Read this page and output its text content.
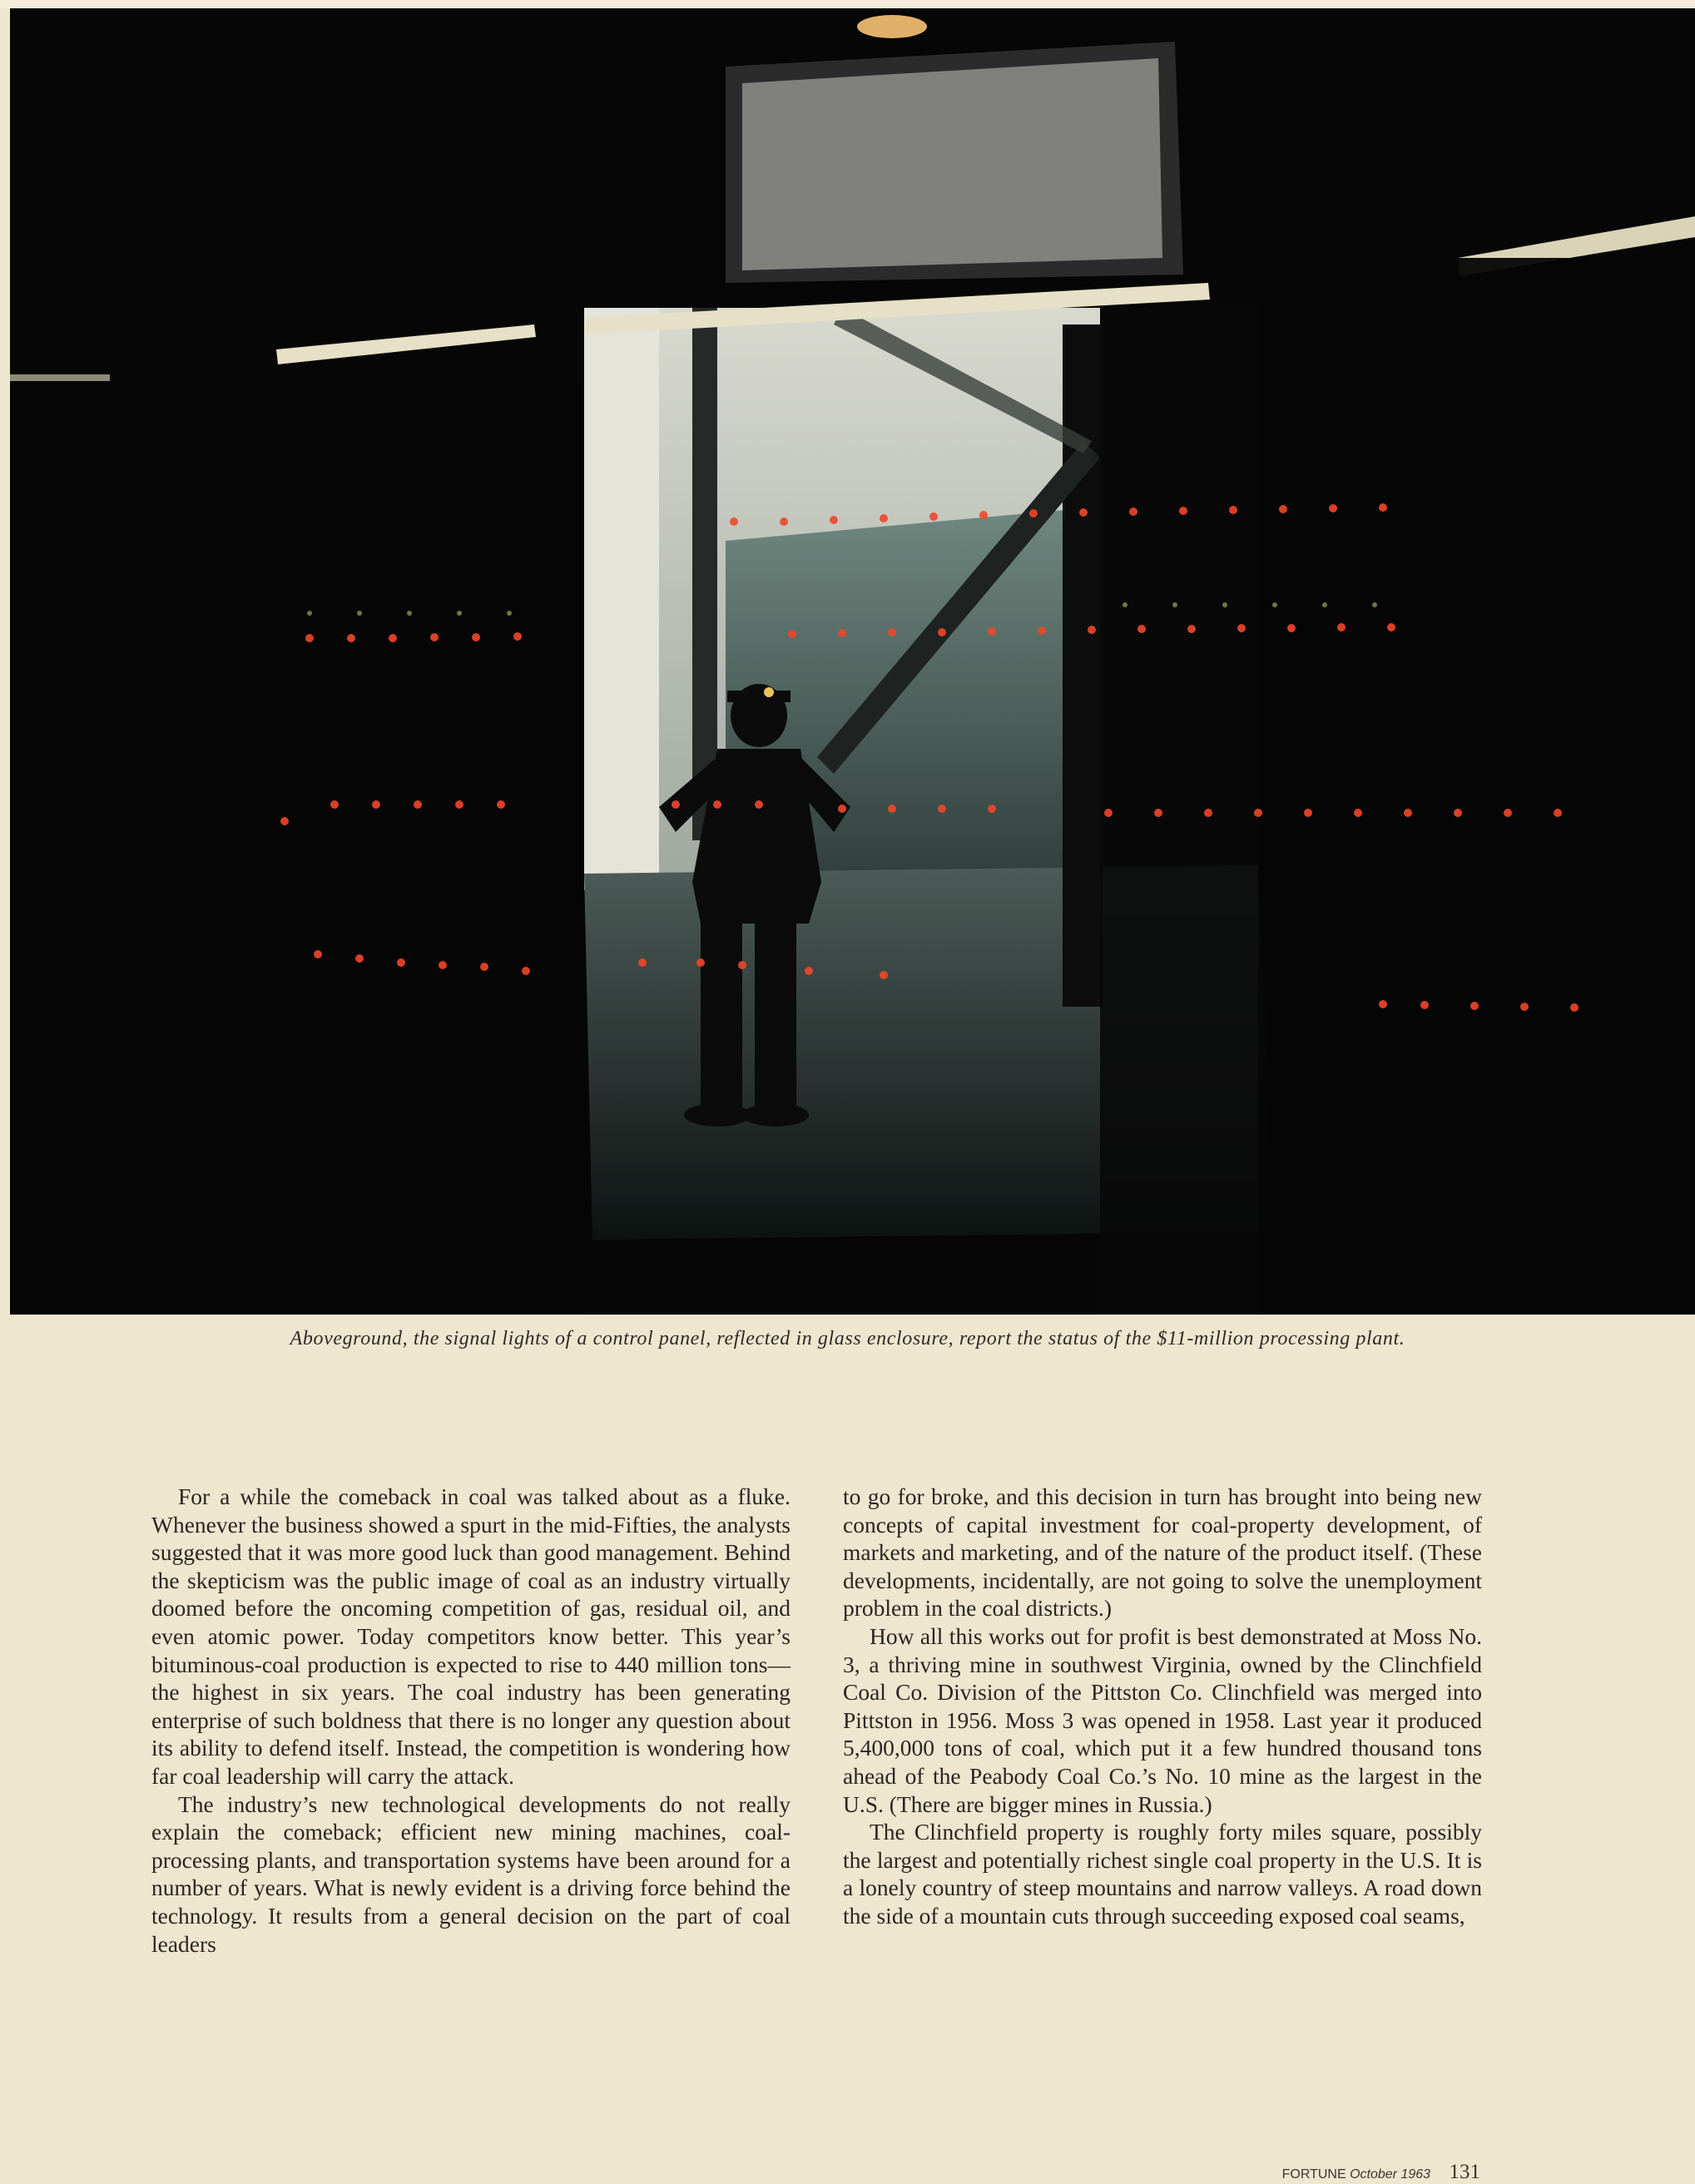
Aboveground, the signal lights of a control panel, reflected in glass enclosure, report the status of the $11-million processing plant.

For a while the comeback in coal was talked about as a fluke. Whenever the business showed a spurt in the mid-Fifties, the analysts suggested that it was more good luck than good management. Behind the skepticism was the public image of coal as an industry virtually doomed before the oncoming competition of gas, residual oil, and even atomic power. Today competitors know better. This year’s bituminous-coal production is expected to rise to 440 million tons—the highest in six years. The coal industry has been generating enterprise of such boldness that there is no longer any question about its ability to defend itself. Instead, the competition is wondering how far coal leadership will carry the attack.

The industry’s new technological developments do not really explain the comeback; efficient new mining machines, coal-processing plants, and transportation systems have been around for a number of years. What is newly evident is a driving force behind the technology. It results from a general decision on the part of coal leaders

to go for broke, and this decision in turn has brought into being new concepts of capital investment for coal-property development, of markets and marketing, and of the nature of the product itself. (These developments, incidentally, are not going to solve the unemployment problem in the coal districts.)

How all this works out for profit is best demonstrated at Moss No. 3, a thriving mine in southwest Virginia, owned by the Clinchfield Coal Co. Division of the Pittston Co. Clinchfield was merged into Pittston in 1956. Moss 3 was opened in 1958. Last year it produced 5,400,000 tons of coal, which put it a few hundred thousand tons ahead of the Peabody Coal Co.’s No. 10 mine as the largest in the U.S. (There are bigger mines in Russia.)

The Clinchfield property is roughly forty miles square, possibly the largest and potentially richest single coal property in the U.S. It is a lonely country of steep mountains and narrow valleys. A road down the side of a mountain cuts through succeeding exposed coal seams,

FORTUNE October 1963 131
